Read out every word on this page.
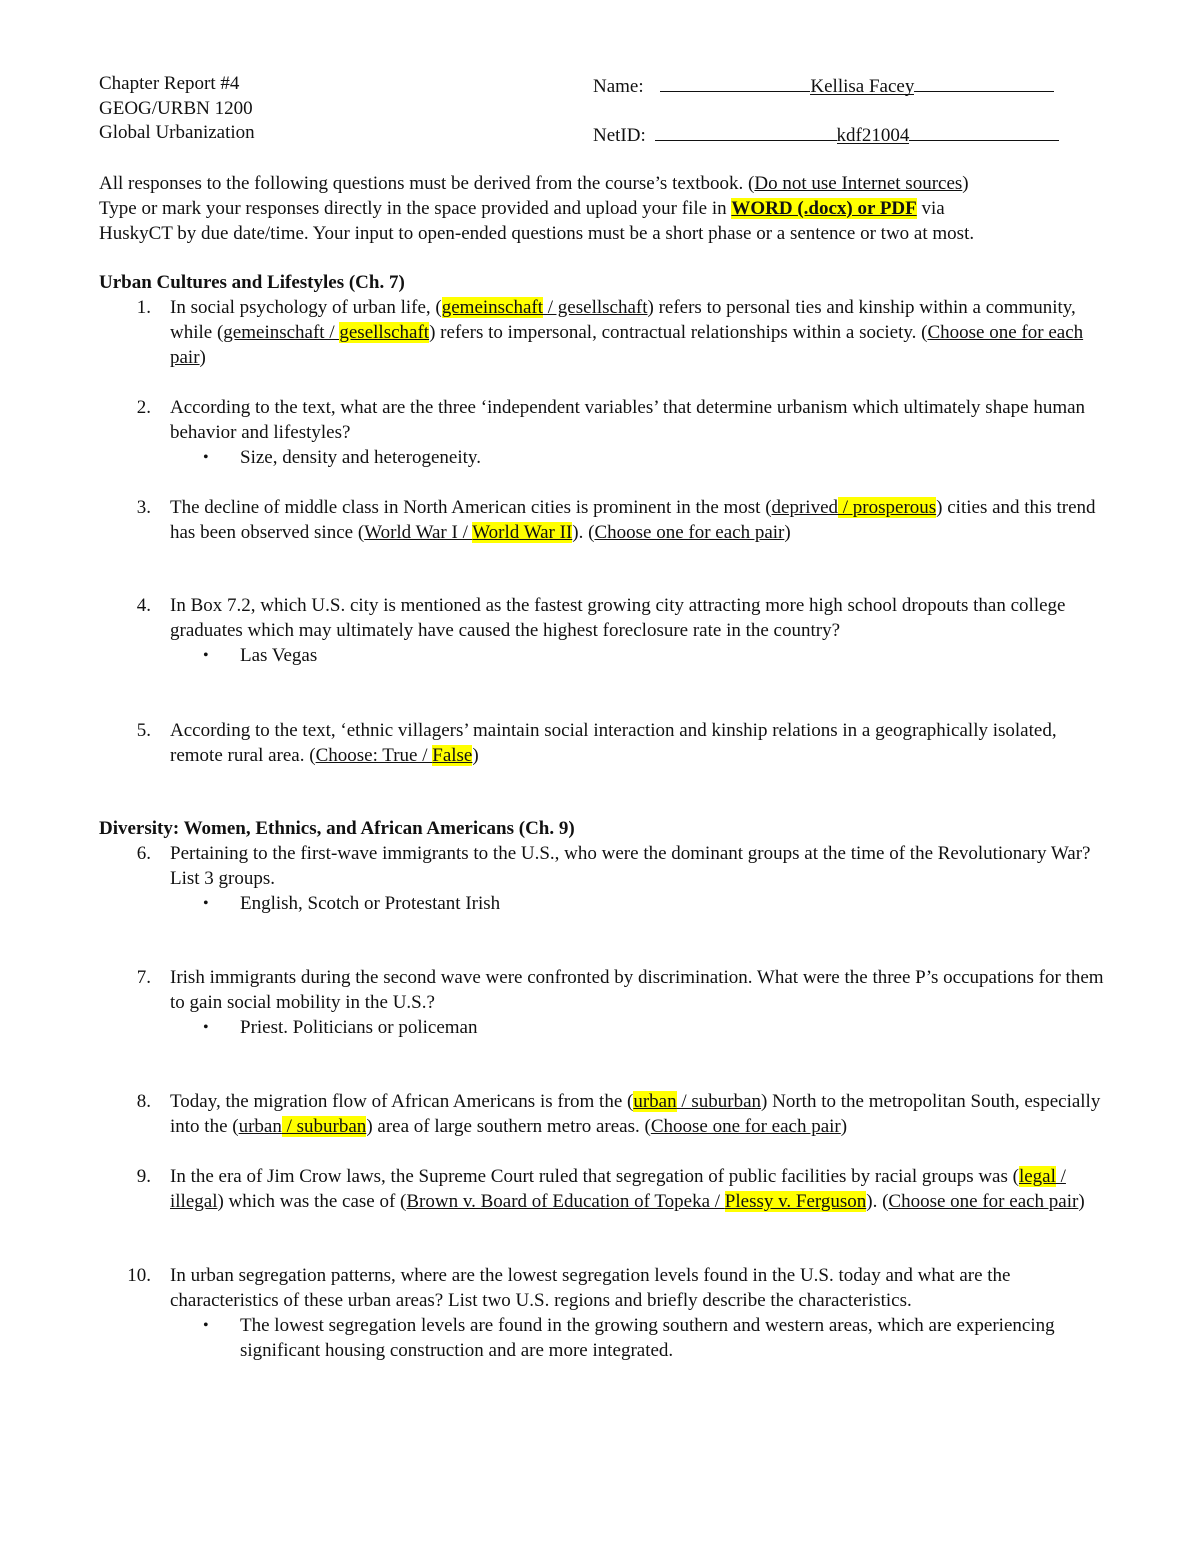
Chapter Report #4
GEOG/URBN 1200
Global Urbanization
Name:	Kellisa Facey
NetID:	kdf21004

All responses to the following questions must be derived from the course’s textbook. (Do not use Internet sources)

Type or mark your responses directly in the space provided and upload your file in WORD (.docx) or PDF via

HuskyCT by due date/time. Your input to open-ended questions must be a short phase or a sentence or two at most.

Urban Cultures and Lifestyles (Ch. 7)
1. In social psychology of urban life, (gemeinschaft / gesellschaft) refers to personal ties and kinship within a community, while (gemeinschaft / gesellschaft) refers to impersonal, contractual relationships within a society. (Choose one for each pair)
2. According to the text, what are the three ‘independent variables’ that determine urbanism which ultimately shape human behavior and lifestyles?
• Size, density and heterogeneity.
3. The decline of middle class in North American cities is prominent in the most (deprived / prosperous) cities and this trend has been observed since (World War I / World War II). (Choose one for each pair)
4. In Box 7.2, which U.S. city is mentioned as the fastest growing city attracting more high school dropouts than college graduates which may ultimately have caused the highest foreclosure rate in the country?
• Las Vegas
5. According to the text, ‘ethnic villagers’ maintain social interaction and kinship relations in a geographically isolated, remote rural area. (Choose: True / False)
Diversity: Women, Ethnics, and African Americans (Ch. 9)
6. Pertaining to the first-wave immigrants to the U.S., who were the dominant groups at the time of the Revolutionary War? List 3 groups.
• English, Scotch or Protestant Irish
7. Irish immigrants during the second wave were confronted by discrimination. What were the three P’s occupations for them to gain social mobility in the U.S.?
• Priest. Politicians or policeman
8. Today, the migration flow of African Americans is from the (urban / suburban) North to the metropolitan South, especially into the (urban / suburban) area of large southern metro areas. (Choose one for each pair)
9. In the era of Jim Crow laws, the Supreme Court ruled that segregation of public facilities by racial groups was (legal / illegal) which was the case of (Brown v. Board of Education of Topeka / Plessy v. Ferguson). (Choose one for each pair)
10. In urban segregation patterns, where are the lowest segregation levels found in the U.S. today and what are the characteristics of these urban areas? List two U.S. regions and briefly describe the characteristics.
• The lowest segregation levels are found in the growing southern and western areas, which are experiencing significant housing construction and are more integrated.
